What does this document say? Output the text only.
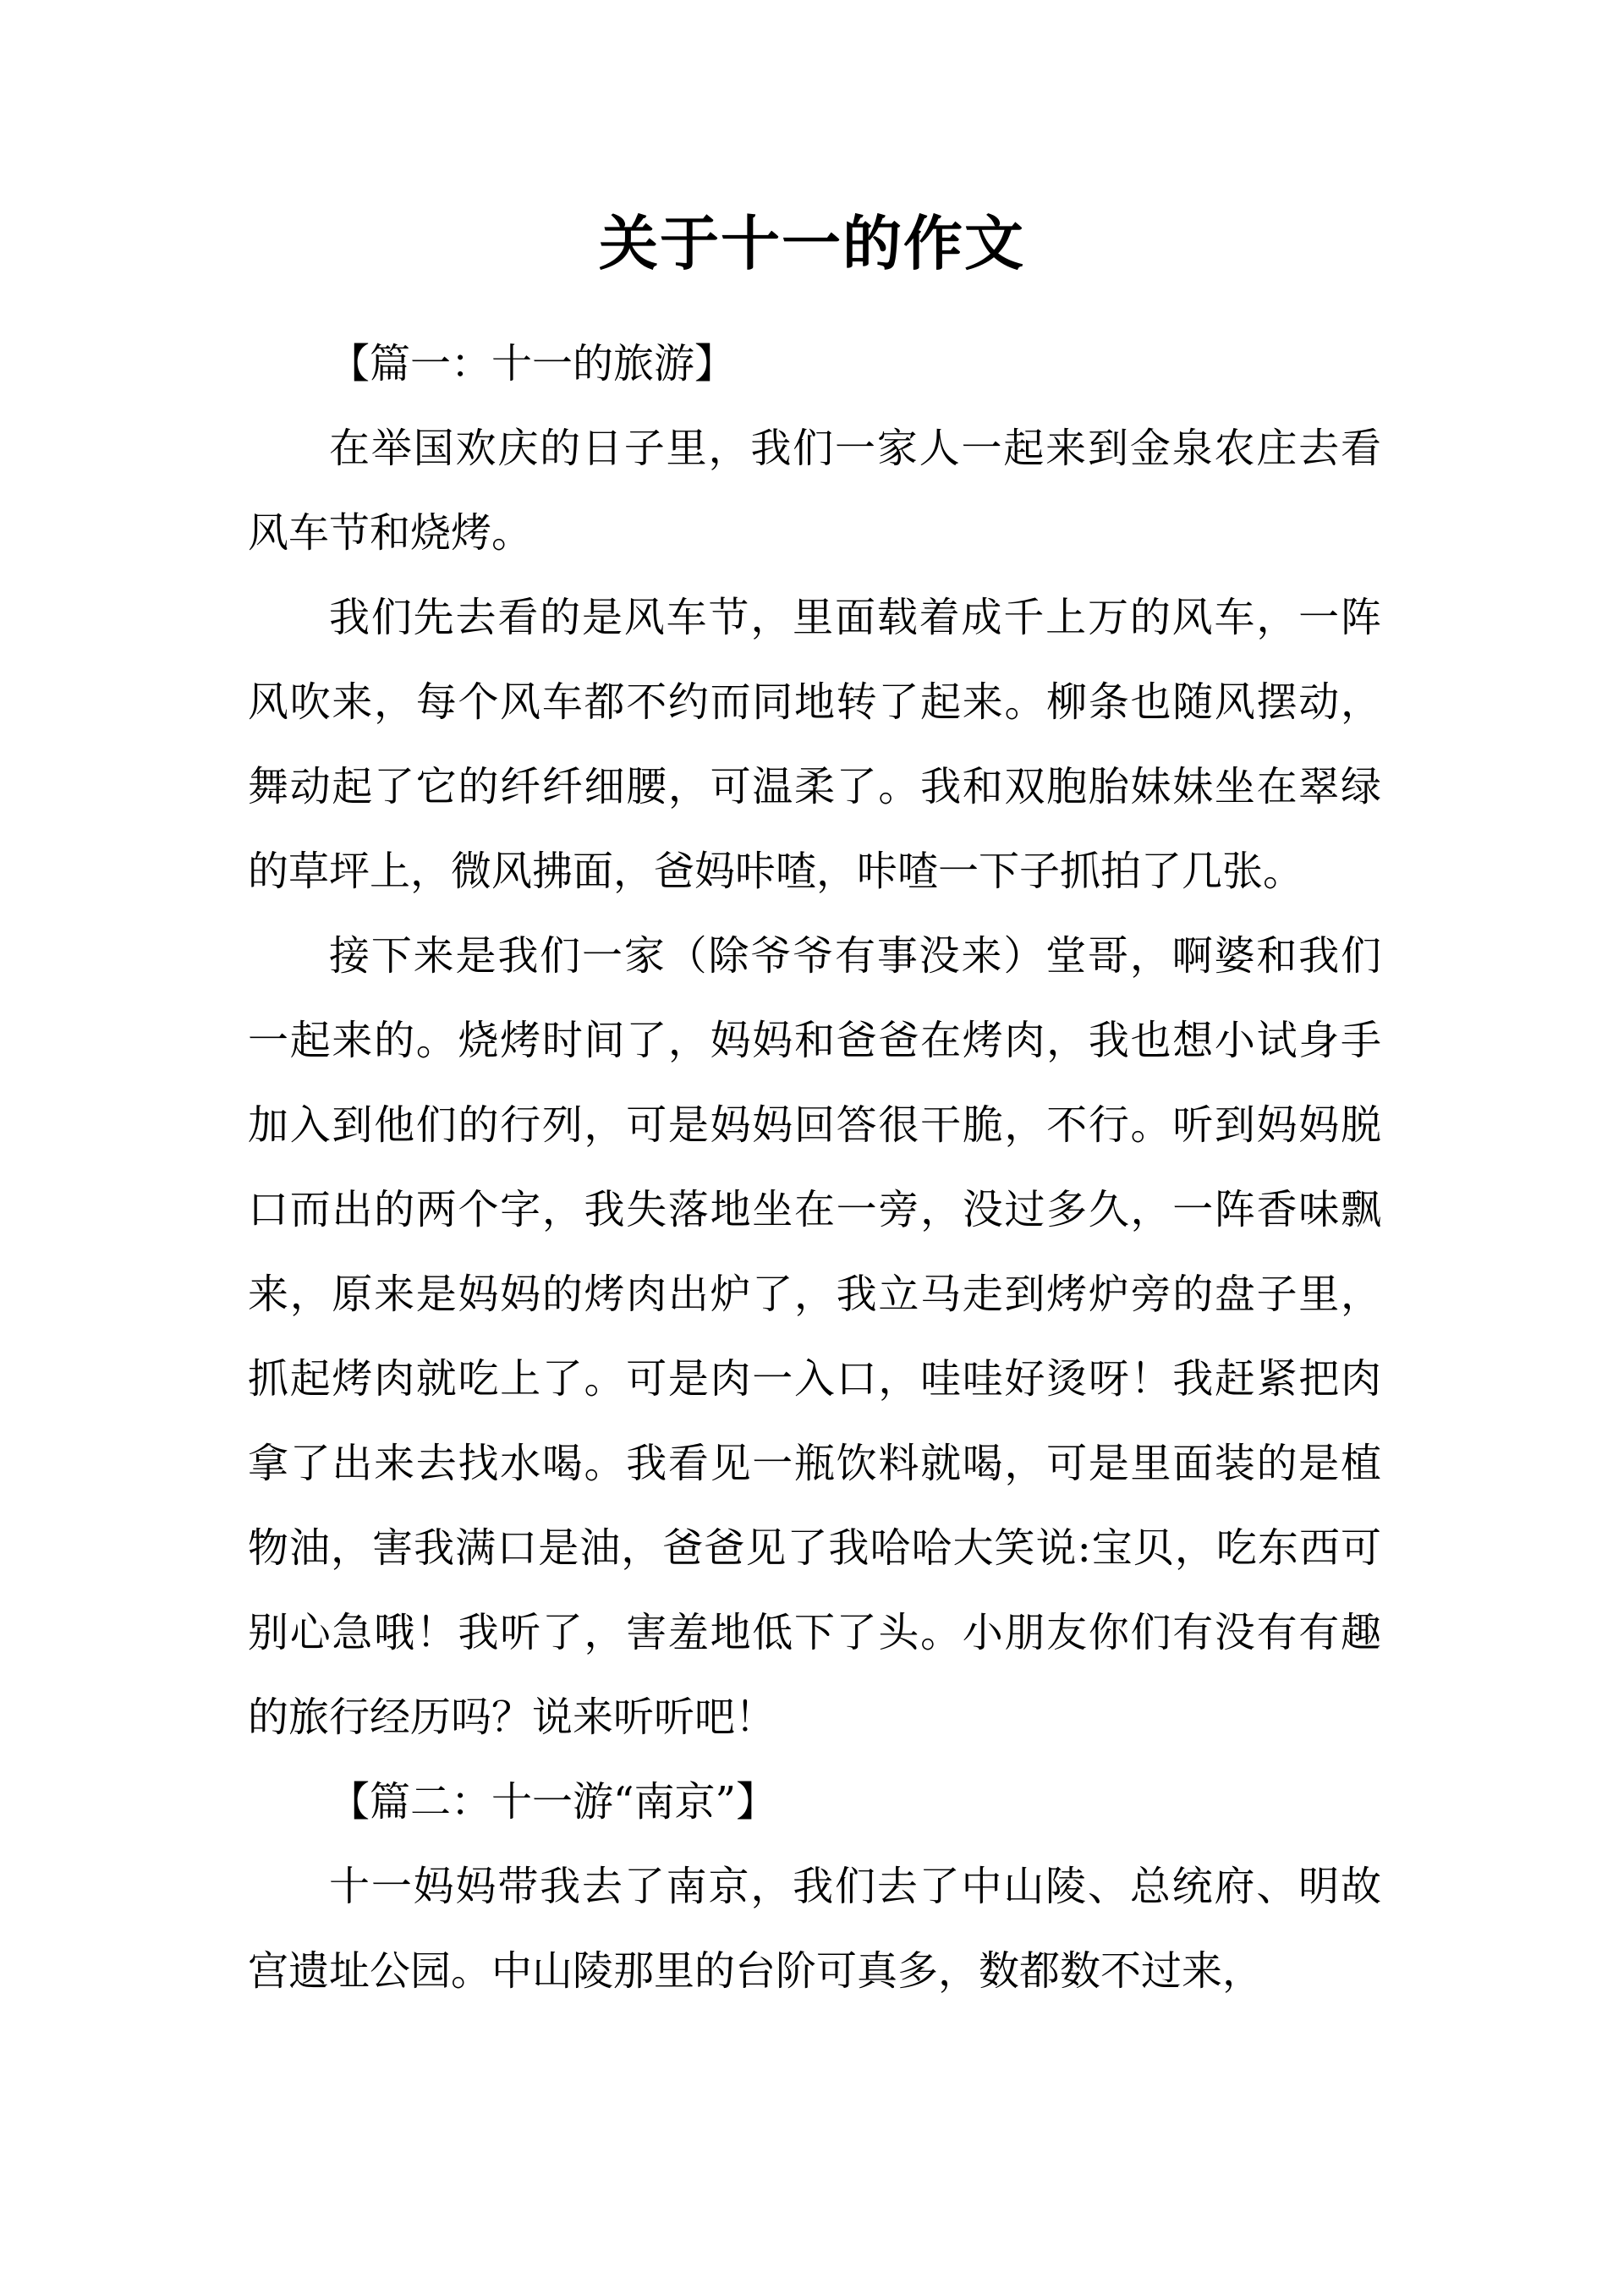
关于十一的作文

【篇一：十一的旅游】

在举国欢庆的日子里，我们一家人一起来到金泉农庄去看风车节和烧烤。

我们先去看的是风车节，里面载着成千上万的风车，一阵风吹来，每个风车都不约而同地转了起来。柳条也随风摆动，舞动起了它的纤纤细腰，可温柔了。我和双胞胎妹妹坐在翠绿的草坪上，微风拂面，爸妈咔喳，咔喳一下子抓拍了几张。

接下来是我们一家（除爷爷有事没来）堂哥，啊婆和我们一起来的。烧烤时间了，妈妈和爸爸在烤肉，我也想小试身手加入到他们的行列，可是妈妈回答很干脆，不行。听到妈妈脱口而出的两个字，我失落地坐在一旁，没过多久，一阵香味飘来，原来是妈妈的烤肉出炉了，我立马走到烤炉旁的盘子里，抓起烤肉就吃上了。可是肉一入口，哇哇好烫呀！我赶紧把肉拿了出来去找水喝。我看见一瓶饮料就喝，可是里面装的是植物油，害我满口是油，爸爸见了我哈哈大笑说:宝贝，吃东西可别心急哦！我听了，害羞地低下了头。小朋友你们有没有有趣的旅行经历吗？说来听听吧！

【篇二：十一游“南京”】

十一妈妈带我去了南京，我们去了中山陵、总统府、明故宫遗址公园。中山陵那里的台阶可真多，数都数不过来，
